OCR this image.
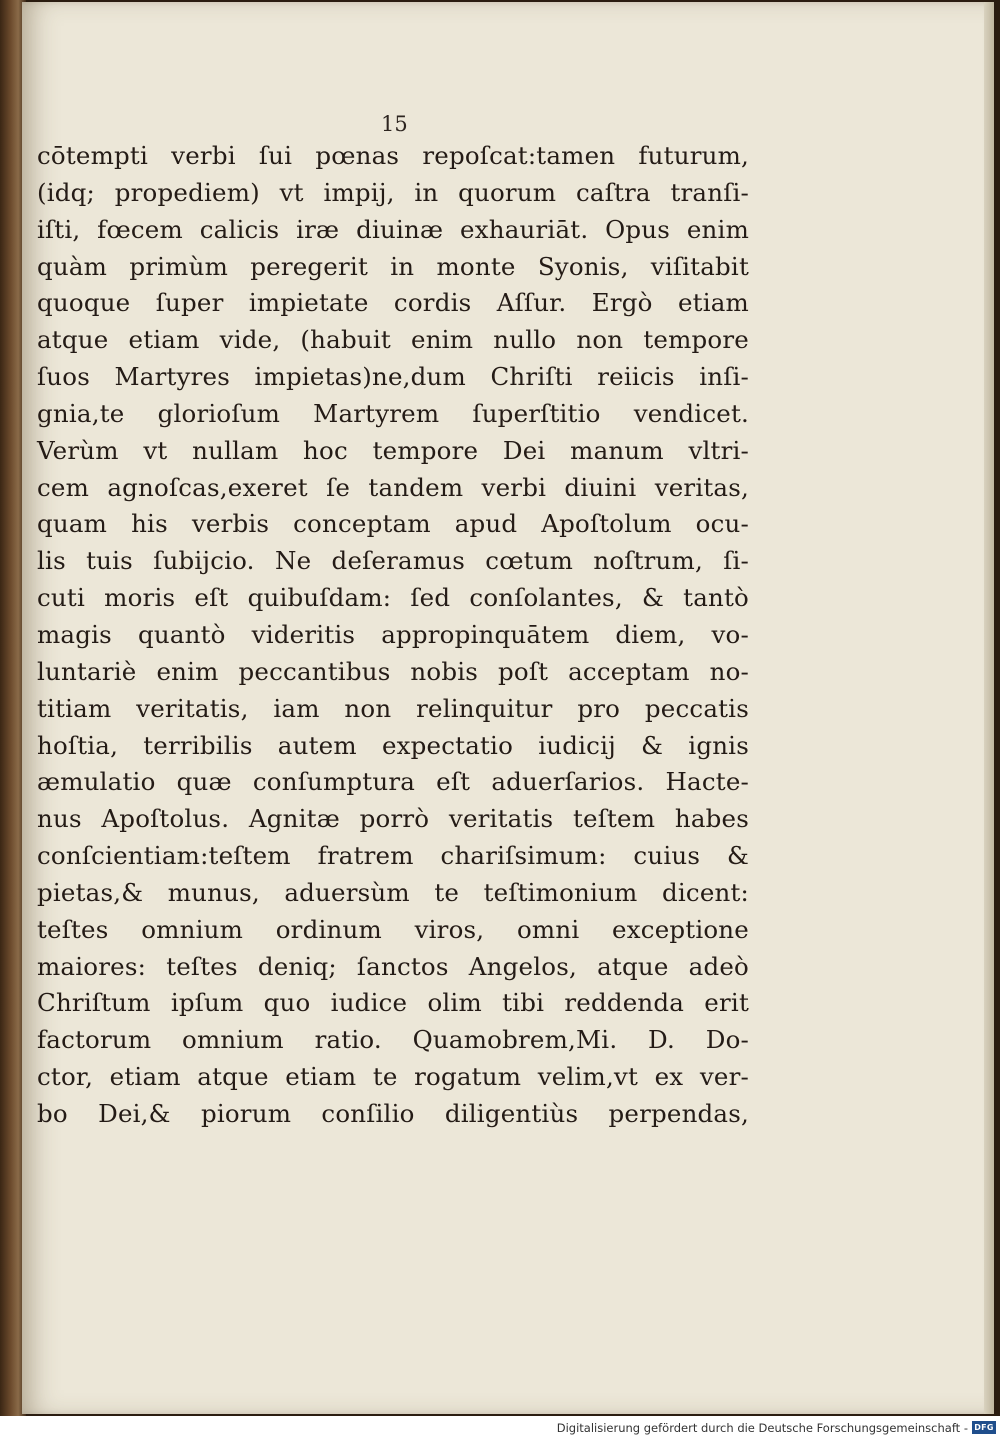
15
cōtempti verbi ſui pœnas repoſcat:tamen futurum,
(idq; propediem) vt impij, in quorum caſtra tranſi-
iſti, fœcem calicis iræ diuinæ exhauriāt. Opus enim
quàm primùm peregerit in monte Syonis, viſitabit
quoque ſuper impietate cordis Aſſur. Ergò etiam
atque etiam vide, (habuit enim nullo non tempore
ſuos Martyres impietas)ne,dum Chriſti reiicis inſi-
gnia,te glorioſum Martyrem ſuperſtitio vendicet.
Verùm vt nullam hoc tempore Dei manum vltri-
cem agnoſcas,exeret ſe tandem verbi diuini veritas,
quam his verbis conceptam apud Apoſtolum ocu-
lis tuis ſubijcio. Ne deſeramus cœtum noſtrum, ſi-
cuti moris eſt quibuſdam: ſed conſolantes, & tantò
magis quantò videritis appropinquātem diem, vo-
luntariè enim peccantibus nobis poſt acceptam no-
titiam veritatis, iam non relinquitur pro peccatis
hoſtia, terribilis autem expectatio iudicij & ignis
æmulatio quæ conſumptura eſt aduerſarios. Hacte-
nus Apoſtolus. Agnitæ porrò veritatis teſtem habes
conſcientiam:teſtem fratrem chariſsimum: cuius &
pietas,& munus, aduersùm te teſtimonium dicent:
teſtes omnium ordinum viros, omni exceptione
maiores: teſtes deniq; ſanctos Angelos, atque adeò
Chriſtum ipſum quo iudice olim tibi reddenda erit
factorum omnium ratio. Quamobrem,Mi. D. Do-
ctor, etiam atque etiam te rogatum velim,vt ex ver-
bo Dei,& piorum conſilio diligentiùs perpendas,
Digitalisierung gefördert durch die Deutsche Forschungsgemeinschaft - DFG
